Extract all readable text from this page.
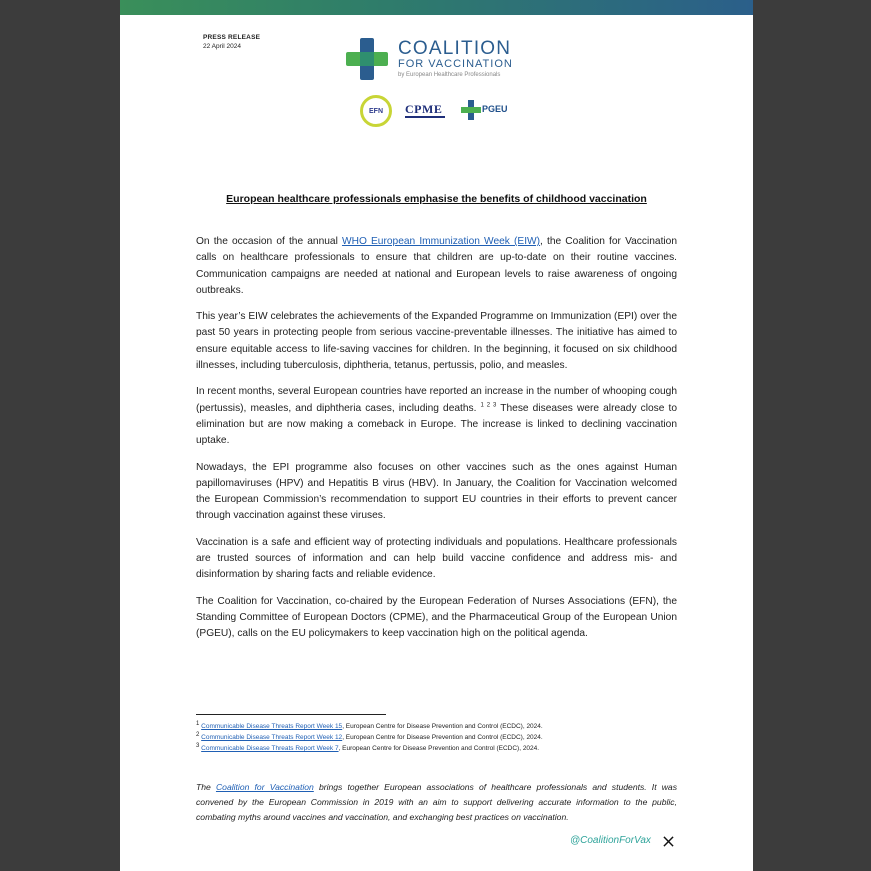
PRESS RELEASE
22 April 2024	COALITION
FOR VACCINATION
by European Healthcare Professionals
EFN CPME	PGEU
European healthcare professionals emphasise the benefits of childhood vaccination

On the occasion of the annual WHO European Immunization Week (EIW), the Coalition for Vaccination calls on healthcare professionals to ensure that children are up-to-date on their routine vaccines. Communication campaigns are needed at national and European levels to raise awareness of ongoing outbreaks.

This year’s EIW celebrates the achievements of the Expanded Programme on Immunization (EPI) over the past 50 years in protecting people from serious vaccine-preventable illnesses. The initiative has aimed to ensure equitable access to life-saving vaccines for children. In the beginning, it focused on six childhood illnesses, including tuberculosis, diphtheria, tetanus, pertussis, polio, and measles.

In recent months, several European countries have reported an increase in the number of whooping cough (pertussis), measles, and diphtheria cases, including deaths. $^{1 2 3}$ These diseases were already close to elimination but are now making a comeback in Europe. The increase is linked to declining vaccination uptake.

Nowadays, the EPI programme also focuses on other vaccines such as the ones against Human papillomaviruses (HPV) and Hepatitis B virus (HBV). In January, the Coalition for Vaccination welcomed the European Commission’s recommendation to support EU countries in their efforts to prevent cancer through vaccination against these viruses.

Vaccination is a safe and efficient way of protecting individuals and populations. Healthcare professionals are trusted sources of information and can help build vaccine confidence and address mis- and disinformation by sharing facts and reliable evidence.

The Coalition for Vaccination, co-chaired by the European Federation of Nurses Associations (EFN), the Standing Committee of European Doctors (CPME), and the Pharmaceutical Group of the European Union (PGEU), calls on the EU policymakers to keep vaccination high on the political agenda.

$^1$ Communicable Disease Threats Report Week 15, European Centre for Disease Prevention and Control (ECDC), 2024.
$^2$ Communicable Disease Threats Report Week 12, European Centre for Disease Prevention and Control (ECDC), 2024.
$^3$ Communicable Disease Threats Report Week 7, European Centre for Disease Prevention and Control (ECDC), 2024.
The Coalition for Vaccination brings together European associations of healthcare professionals and students. It was convened by the European Commission in 2019 with an aim to support delivering accurate information to the public, combating myths around vaccines and vaccination, and exchanging best practices on vaccination.
@CoalitionForVax
